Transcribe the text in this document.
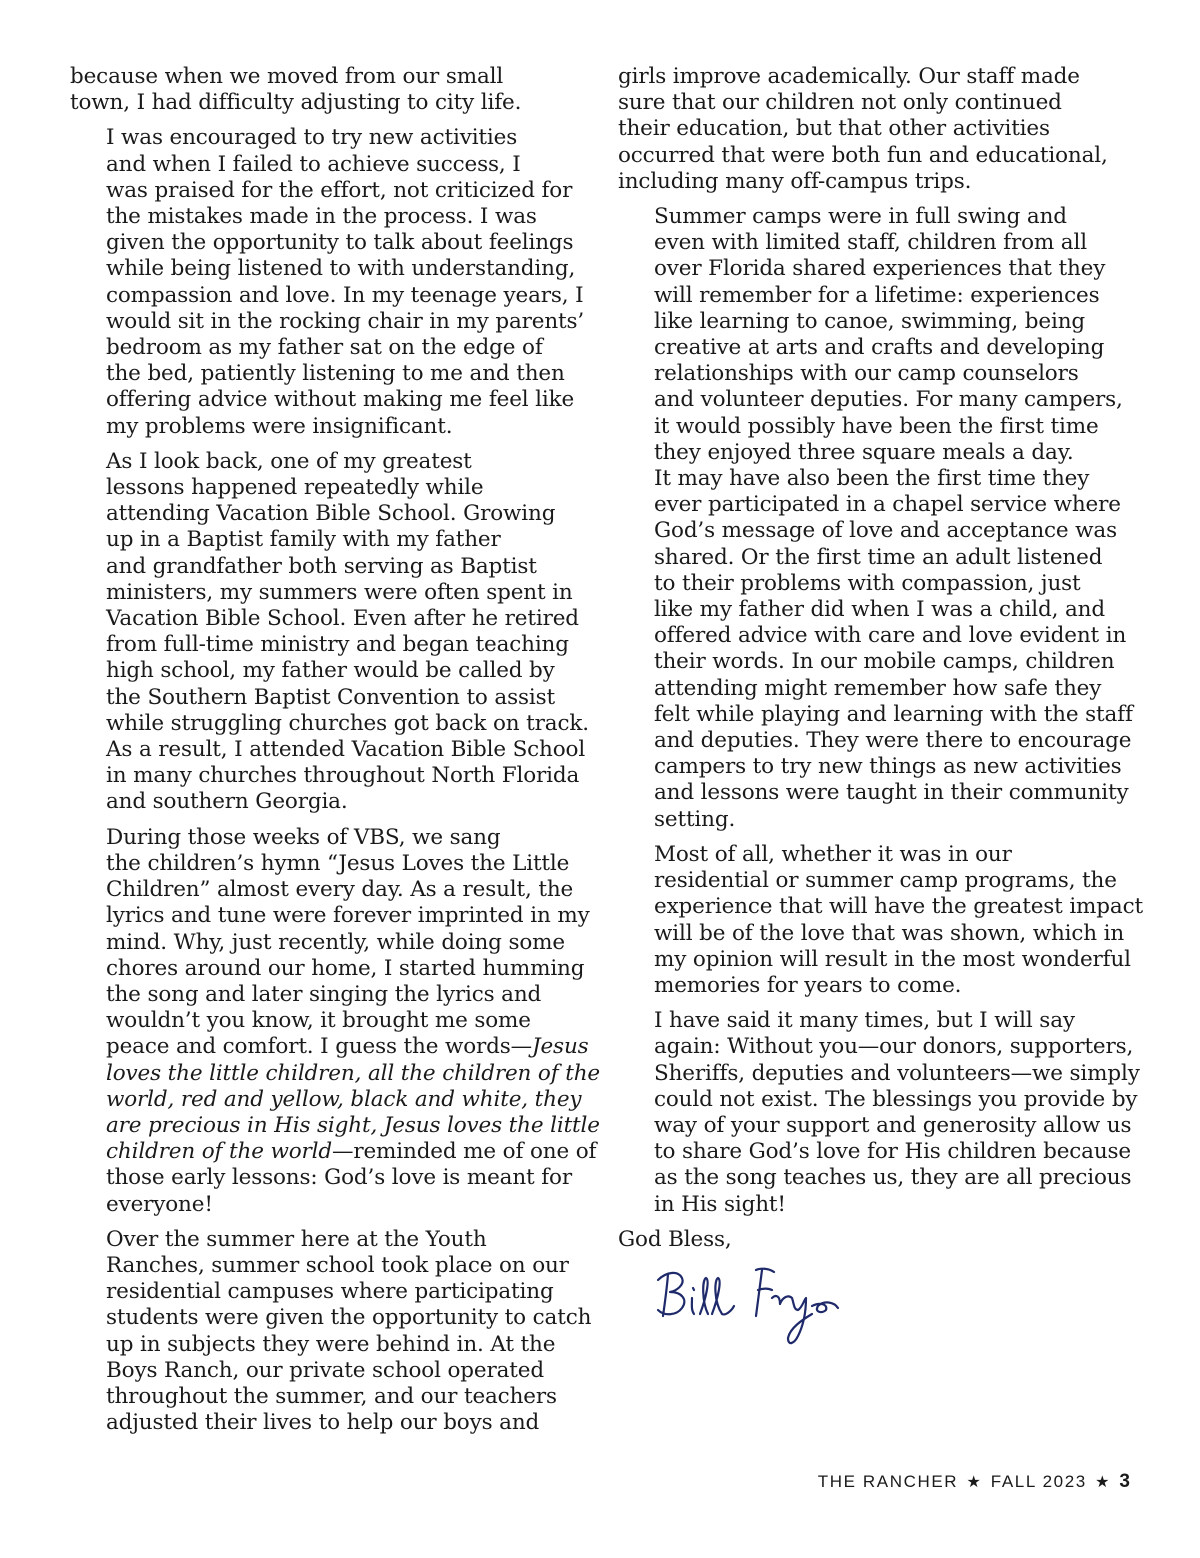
because when we moved from our small
town, I had difficulty adjusting to city life.

I was encouraged to try new activities
and when I failed to achieve success, I
was praised for the effort, not criticized for
the mistakes made in the process. I was
given the opportunity to talk about feelings
while being listened to with understanding,
compassion and love. In my teenage years, I
would sit in the rocking chair in my parents’
bedroom as my father sat on the edge of
the bed, patiently listening to me and then
offering advice without making me feel like
my problems were insignificant.

As I look back, one of my greatest
lessons happened repeatedly while
attending Vacation Bible School. Growing
up in a Baptist family with my father
and grandfather both serving as Baptist
ministers, my summers were often spent in
Vacation Bible School. Even after he retired
from full-time ministry and began teaching
high school, my father would be called by
the Southern Baptist Convention to assist
while struggling churches got back on track.
As a result, I attended Vacation Bible School
in many churches throughout North Florida
and southern Georgia.

During those weeks of VBS, we sang
the children’s hymn “Jesus Loves the Little
Children” almost every day. As a result, the
lyrics and tune were forever imprinted in my
mind. Why, just recently, while doing some
chores around our home, I started humming
the song and later singing the lyrics and
wouldn’t you know, it brought me some
peace and comfort. I guess the words—Jesus
loves the little children, all the children of the
world, red and yellow, black and white, they
are precious in His sight, Jesus loves the little
children of the world—reminded me of one of
those early lessons: God’s love is meant for
everyone!

Over the summer here at the Youth
Ranches, summer school took place on our
residential campuses where participating
students were given the opportunity to catch
up in subjects they were behind in. At the
Boys Ranch, our private school operated
throughout the summer, and our teachers
adjusted their lives to help our boys and

girls improve academically. Our staff made
sure that our children not only continued
their education, but that other activities
occurred that were both fun and educational,
including many off-campus trips.

Summer camps were in full swing and
even with limited staff, children from all
over Florida shared experiences that they
will remember for a lifetime: experiences
like learning to canoe, swimming, being
creative at arts and crafts and developing
relationships with our camp counselors
and volunteer deputies. For many campers,
it would possibly have been the first time
they enjoyed three square meals a day.
It may have also been the first time they
ever participated in a chapel service where
God’s message of love and acceptance was
shared. Or the first time an adult listened
to their problems with compassion, just
like my father did when I was a child, and
offered advice with care and love evident in
their words. In our mobile camps, children
attending might remember how safe they
felt while playing and learning with the staff
and deputies. They were there to encourage
campers to try new things as new activities
and lessons were taught in their community
setting.

Most of all, whether it was in our
residential or summer camp programs, the
experience that will have the greatest impact
will be of the love that was shown, which in
my opinion will result in the most wonderful
memories for years to come.

I have said it many times, but I will say
again: Without you—our donors, supporters,
Sheriffs, deputies and volunteers—we simply
could not exist. The blessings you provide by
way of your support and generosity allow us
to share God’s love for His children because
as the song teaches us, they are all precious
in His sight!

God Bless,

THE RANCHER ★ FALL 2023 ★ 3
